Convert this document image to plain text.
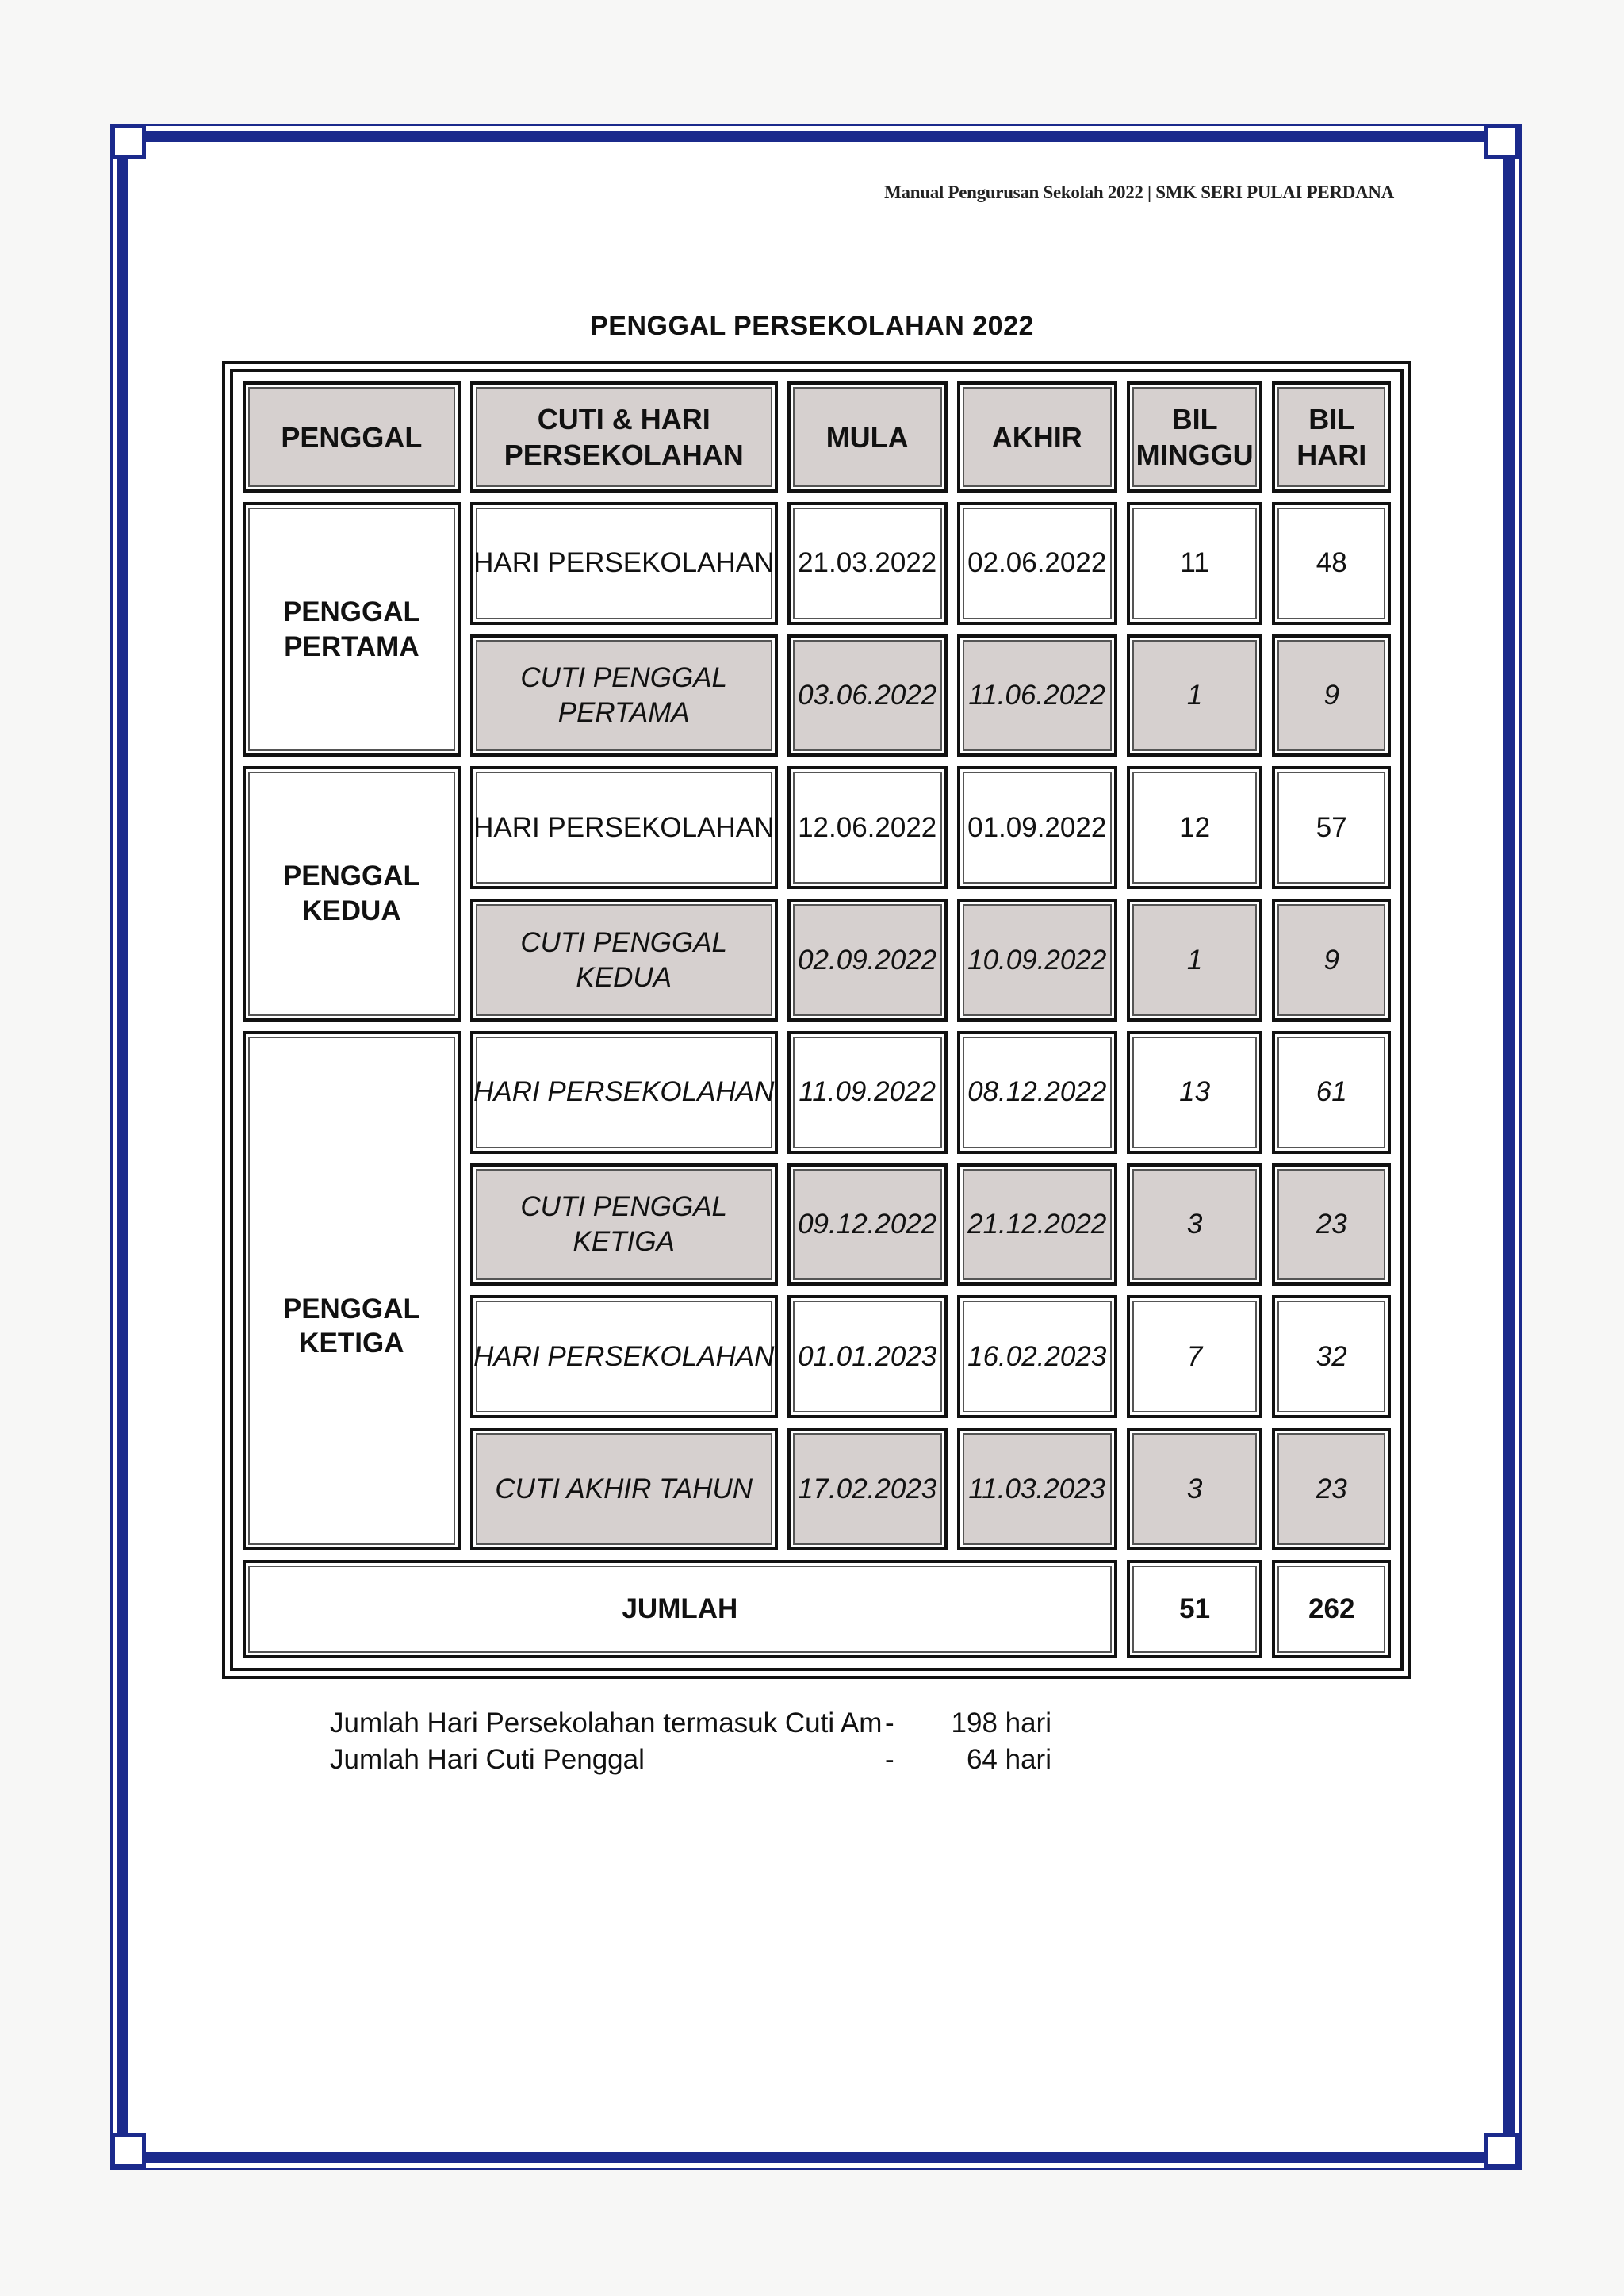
Manual Pengurusan Sekolah 2022 | SMK SERI PULAI PERDANA
PENGGAL PERSEKOLAHAN 2022
PENGGAL	CUTI & HARI PERSEKOLAHAN	MULA	AKHIR	BIL MINGGU	BIL HARI
PENGGAL PERTAMA	HARI PERSEKOLAHAN	21.03.2022	02.06.2022	11	48
	CUTI PENGGAL PERTAMA	03.06.2022	11.06.2022	1	9
PENGGAL KEDUA	HARI PERSEKOLAHAN	12.06.2022	01.09.2022	12	57
	CUTI PENGGAL KEDUA	02.09.2022	10.09.2022	1	9
PENGGAL KETIGA	HARI PERSEKOLAHAN	11.09.2022	08.12.2022	13	61
	CUTI PENGGAL KETIGA	09.12.2022	21.12.2022	3	23
	HARI PERSEKOLAHAN	01.01.2023	16.02.2023	7	32
	CUTI AKHIR TAHUN	17.02.2023	11.03.2023	3	23
JUMLAH				51	262
Jumlah Hari Persekolahan termasuk Cuti Am -	198 hari
Jumlah Hari Cuti Penggal	-	64 hari
